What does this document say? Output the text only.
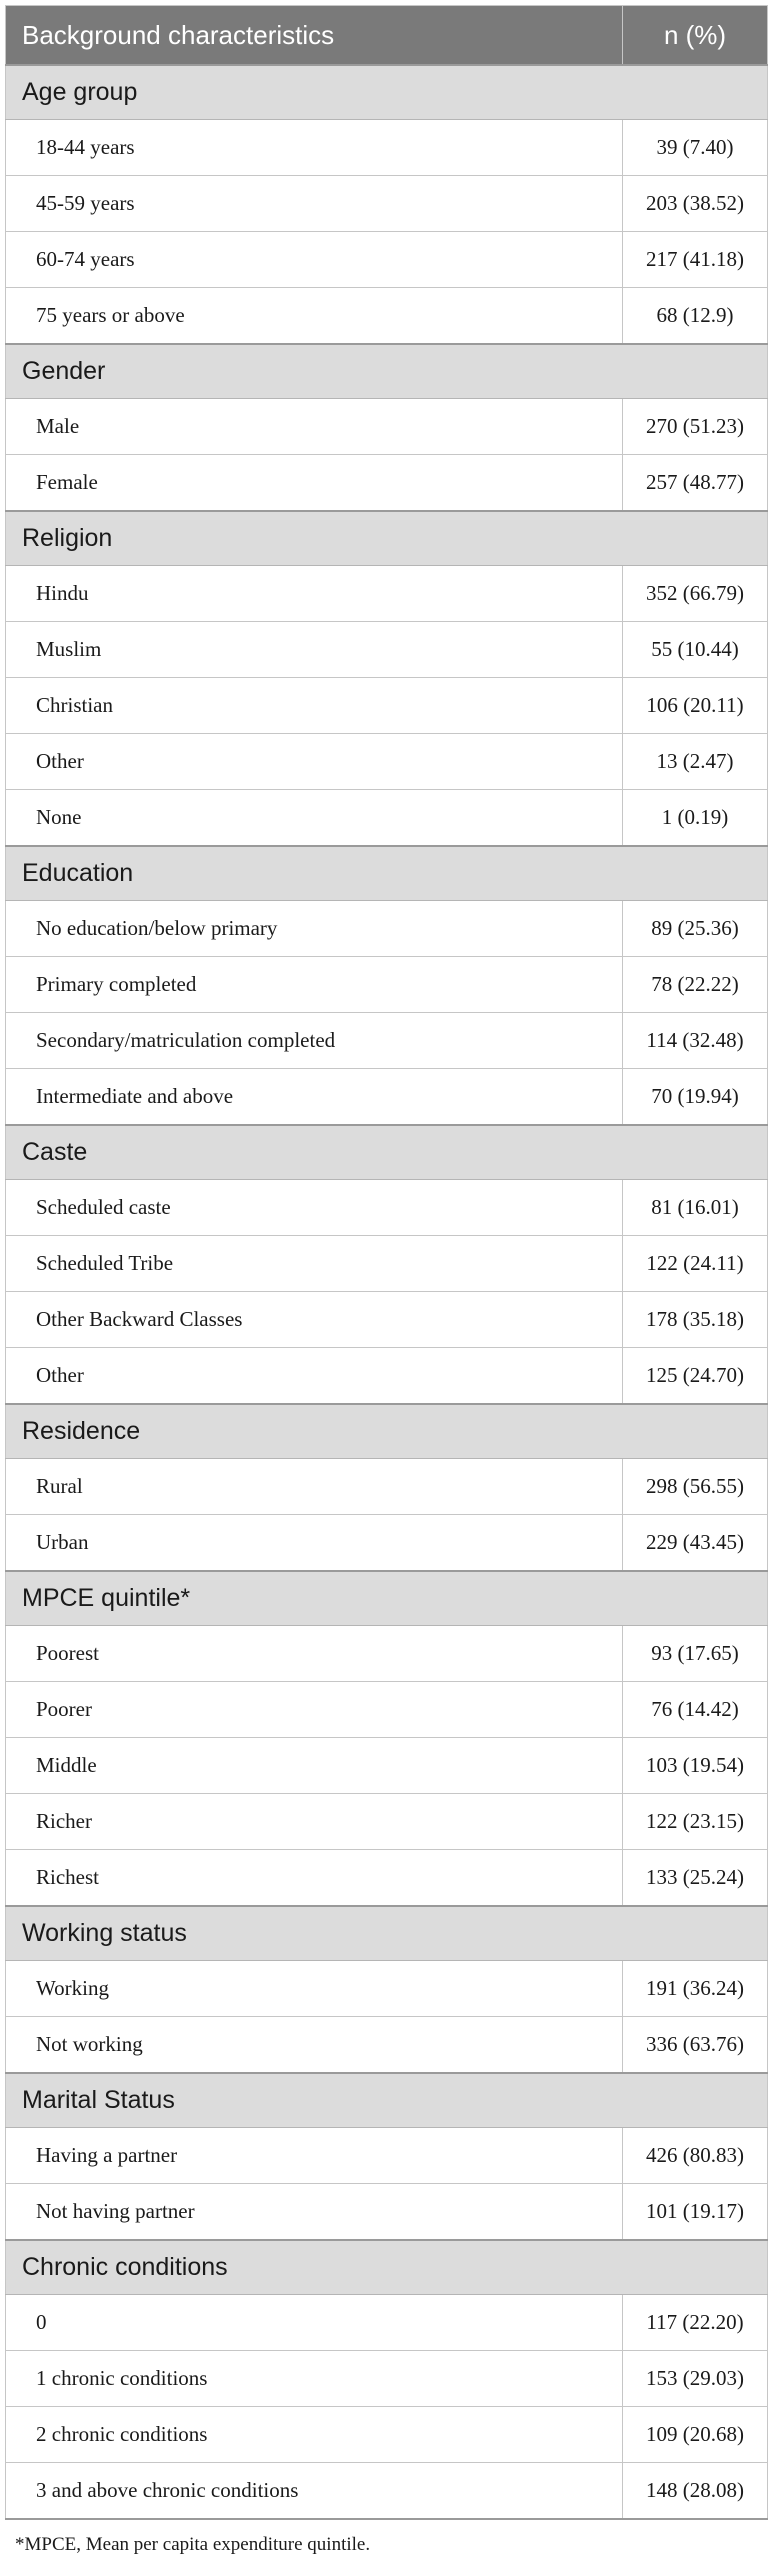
Background characteristics	n (%)
Age group	
18-44 years	39 (7.40)
45-59 years	203 (38.52)
60-74 years	217 (41.18)
75 years or above	68 (12.9)
Gender	
Male	270 (51.23)
Female	257 (48.77)
Religion	
Hindu	352 (66.79)
Muslim	55 (10.44)
Christian	106 (20.11)
Other	13 (2.47)
None	1 (0.19)
Education	
No education/below primary	89 (25.36)
Primary completed	78 (22.22)
Secondary/matriculation completed	114 (32.48)
Intermediate and above	70 (19.94)
Caste	
Scheduled caste	81 (16.01)
Scheduled Tribe	122 (24.11)
Other Backward Classes	178 (35.18)
Other	125 (24.70)
Residence	
Rural	298 (56.55)
Urban	229 (43.45)
MPCE quintile*	
Poorest	93 (17.65)
Poorer	76 (14.42)
Middle	103 (19.54)
Richer	122 (23.15)
Richest	133 (25.24)
Working status	
Working	191 (36.24)
Not working	336 (63.76)
Marital Status	
Having a partner	426 (80.83)
Not having partner	101 (19.17)
Chronic conditions	
0	117 (22.20)
1 chronic conditions	153 (29.03)
2 chronic conditions	109 (20.68)
3 and above chronic conditions	148 (28.08)
*MPCE, Mean per capita expenditure quintile.
